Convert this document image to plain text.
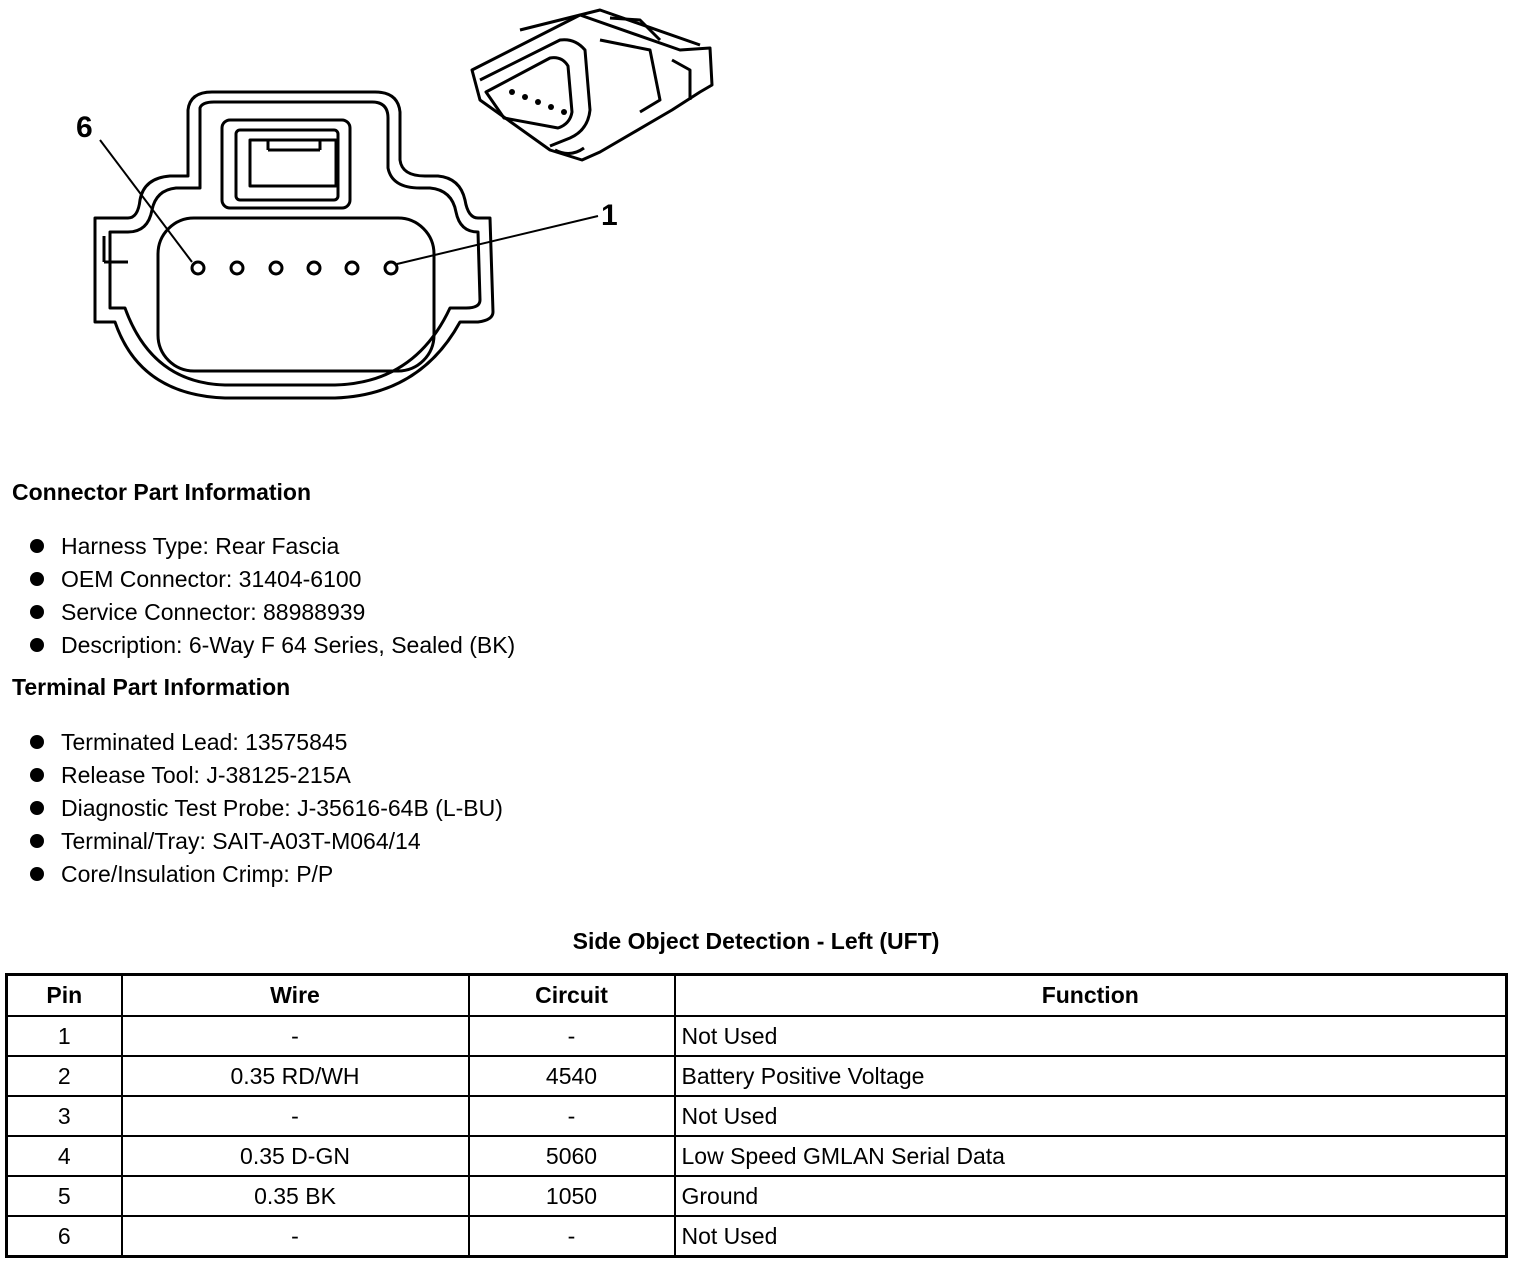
6
1
Connector Part Information
Harness Type: Rear Fascia
OEM Connector: 31404-6100
Service Connector: 88988939
Description: 6-Way F 64 Series, Sealed (BK)
Terminal Part Information
Terminated Lead: 13575845
Release Tool: J-38125-215A
Diagnostic Test Probe: J-35616-64B (L-BU)
Terminal/Tray: SAIT-A03T-M064/14
Core/Insulation Crimp: P/P
Side Object Detection - Left (UFT)
Pin	Wire	Circuit	Function
1	-	-	Not Used
2	0.35 RD/WH	4540	Battery Positive Voltage
3	-	-	Not Used
4	0.35 D-GN	5060	Low Speed GMLAN Serial Data
5	0.35 BK	1050	Ground
6	-	-	Not Used
